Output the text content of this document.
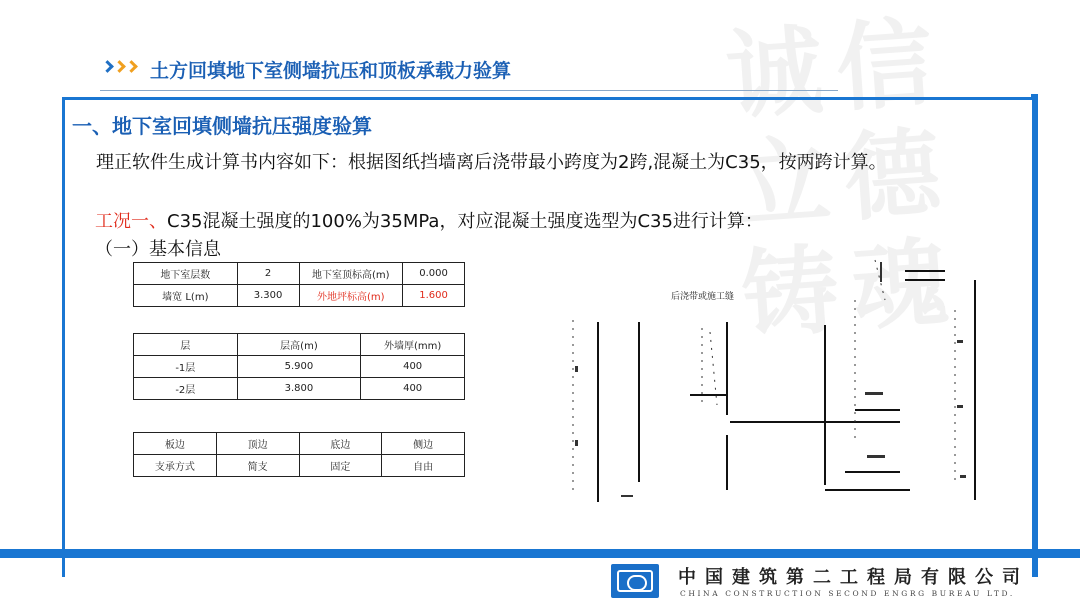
诚信
立德
铸魂
土方回填地下室侧墙抗压和顶板承载力验算
一、地下室回填侧墙抗压强度验算
理正软件生成计算书内容如下：根据图纸挡墙离后浇带最小跨度为2跨,混凝土为C35，按两跨计算。
工况一、C35混凝土强度的100%为35MPa，对应混凝土强度选型为C35进行计算：
（一）基本信息
地下室层数	2	地下室顶标高(m)	0.000
墙宽 L(m)	3.300	外地坪标高(m)	1.600
层	层高(m)	外墙厚(mm)
-1层	5.900	400
-2层	3.800	400
板边	顶边	底边	侧边
支承方式	简支	固定	自由
后浇带或施工缝
中国建筑第二工程局有限公司
CHINA CONSTRUCTION SECOND ENGRG BUREAU LTD.
